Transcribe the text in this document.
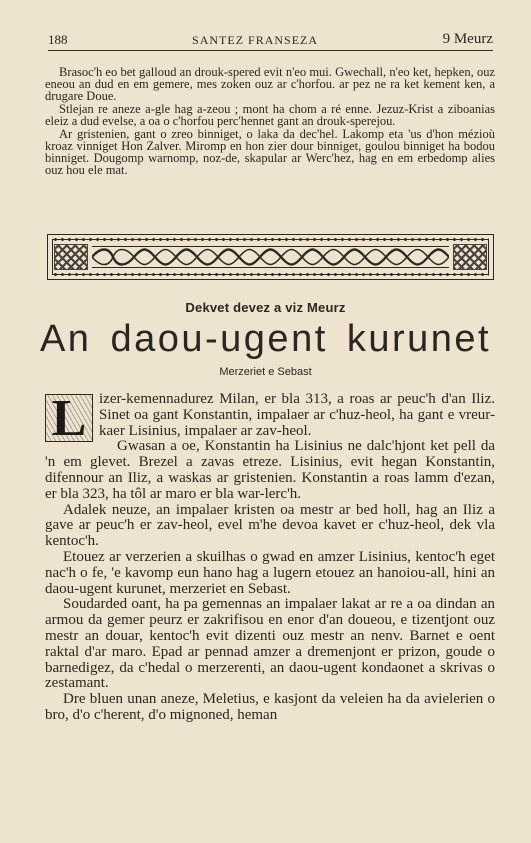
188	SANTEZ FRANSEZA	9 Meurz

Brasoc'h eo bet galloud an drouk-spered evit n'eo mui. Gwechall, n'eo ket, hepken, ouz eneou an dud en em gemere, mes zoken ouz ar c'horfou. ar pez ne ra ket kement ken, a drugare Doue.

Stlejan re aneze a-gle hag a-zeou ; mont ha chom a ré enne. Jezuz-Krist a ziboanias eleiz a dud evelse, a oa o c'horfou perc'hennet gant an drouk-sperejou.

Ar gristenien, gant o zreo binniget, o laka da dec'hel. Lakomp eta 'us d'hon mézioù kroaz vinniget Hon Zalver. Miromp en hon zier dour binniget, goulou binniget ha bodou binniget. Dougomp warnomp, noz-de, skapular ar Werc'hez, hag en em erbedomp alies ouz hou ele mat.

Dekvet devez a viz Meurz
An daou-ugent kurunet
Merzeriet e Sebast
L izer-kemennadurez Milan, er bla 313, a roas ar peuc'h d'an Iliz. Sinet oa gant Konstantin, impalaer ar c'huz-heol, ha gant e vreur-kaer Lisinius, impalaer ar zav-heol.

Gwasan a oe, Konstantin ha Lisinius ne dalc'hjont ket pell da 'n em glevet. Brezel a zavas etreze. Lisinius, evit hegan Konstantin, difennour an Iliz, a waskas ar gristenien. Konstantin a roas lamm d'ezan, er bla 323, ha tôl ar maro er bla war-lerc'h.

Adalek neuze, an impalaer kristen oa mestr ar bed holl, hag an Iliz a gave ar peuc'h er zav-heol, evel m'he devoa kavet er c'huz-heol, dek vla kentoc'h.

Etouez ar verzerien a skuilhas o gwad en amzer Lisinius, kentoc'h eget nac'h o fe, 'e kavomp eun hano hag a lugern etouez an hanoiou-all, hini an daou-ugent kurunet, merzeriet en Sebast.

Soudarded oant, ha pa gemennas an impalaer lakat ar re a oa dindan an armou da gemer peurz er zakrifisou en enor d'an doueou, e tizentjont ouz mestr an douar, kentoc'h evit dizenti ouz mestr an nenv. Barnet e oent raktal d'ar maro. Epad ar pennad amzer a dremenjont er prizon, goude o barnedigez, da c'hedal o merzerenti, an daou-ugent kondaonet a skrivas o zestamant.

Dre bluen unan aneze, Meletius, e kasjont da veleien ha da avielerien o bro, d'o c'herent, d'o mignoned, heman
